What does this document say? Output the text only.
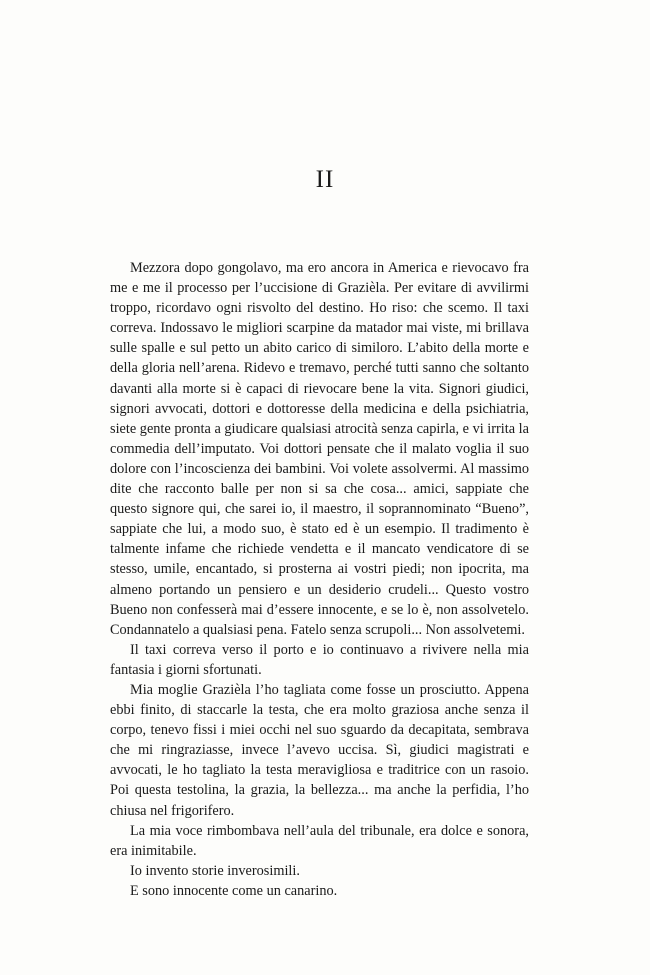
II

Mezzora dopo gongolavo, ma ero ancora in America e rievocavo fra me e me il processo per l’uccisione di Grazièla. Per evitare di avvilirmi troppo, ricordavo ogni risvolto del destino. Ho riso: che scemo. Il taxi correva. Indossavo le migliori scarpine da matador mai viste, mi brillava sulle spalle e sul petto un abito carico di similoro. L’abito della morte e della gloria nell’arena. Ridevo e tremavo, perché tutti sanno che soltanto davanti alla morte si è capaci di rievocare bene la vita. Signori giudici, signori avvocati, dottori e dottoresse della medicina e della psichiatria, siete gente pronta a giudicare qualsiasi atrocità senza capirla, e vi irrita la commedia dell’imputato. Voi dottori pensate che il malato voglia il suo dolore con l’incoscienza dei bambini. Voi volete assolvermi. Al massimo dite che racconto balle per non si sa che cosa... amici, sappiate che questo signore qui, che sarei io, il maestro, il soprannominato “Bueno”, sappiate che lui, a modo suo, è stato ed è un esempio. Il tradimento è talmente infame che richiede vendetta e il mancato vendicatore di se stesso, umile, encantado, si prosterna ai vostri piedi; non ipocrita, ma almeno portando un pensiero e un desiderio crudeli... Questo vostro Bueno non confesserà mai d’essere innocente, e se lo è, non assolvetelo. Condannatelo a qualsiasi pena. Fatelo senza scrupoli... Non assolvetemi.

Il taxi correva verso il porto e io continuavo a rivivere nella mia fantasia i giorni sfortunati.

Mia moglie Grazièla l’ho tagliata come fosse un prosciutto. Appena ebbi finito, di staccarle la testa, che era molto graziosa anche senza il corpo, tenevo fissi i miei occhi nel suo sguardo da decapitata, sembrava che mi ringraziasse, invece l’avevo uccisa. Sì, giudici magistrati e avvocati, le ho tagliato la testa meravigliosa e traditrice con un rasoio. Poi questa testolina, la grazia, la bellezza... ma anche la perfidia, l’ho chiusa nel frigorifero.

La mia voce rimbombava nell’aula del tribunale, era dolce e sonora, era inimitabile.

Io invento storie inverosimili.

E sono innocente come un canarino.
